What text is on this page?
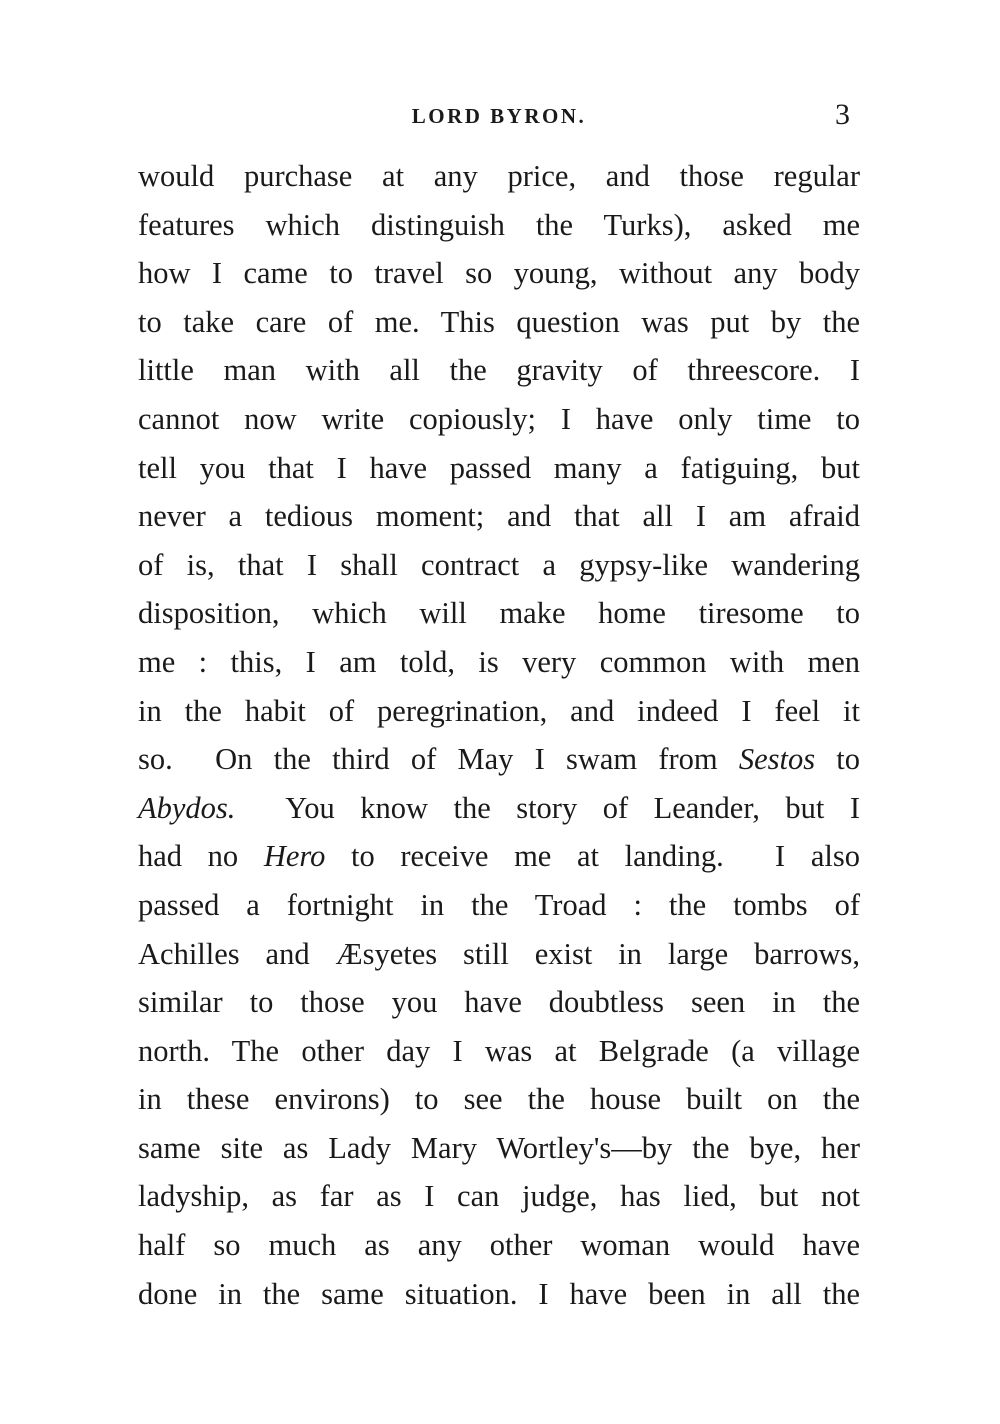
LORD BYRON.	3
would purchase at any price, and those regular
features which distinguish the Turks), asked me
how I came to travel so young, without any body
to take care of me. This question was put by the
little man with all the gravity of threescore. I
cannot now write copiously; I have only time to
tell you that I have passed many a fatiguing, but
never a tedious moment; and that all I am afraid
of is, that I shall contract a gypsy-like wandering
disposition, which will make home tiresome to
me : this, I am told, is very common with men
in the habit of peregrination, and indeed I feel it
so.  On the third of May I swam from Sestos to
Abydos.  You know the story of Leander, but I
had no Hero to receive me at landing.  I also
passed a fortnight in the Troad : the tombs of
Achilles and Æsyetes still exist in large barrows,
similar to those you have doubtless seen in the
north. The other day I was at Belgrade (a village
in these environs) to see the house built on the
same site as Lady Mary Wortley's—by the bye, her
ladyship, as far as I can judge, has lied, but not
half so much as any other woman would have
done in the same situation. I have been in all the
